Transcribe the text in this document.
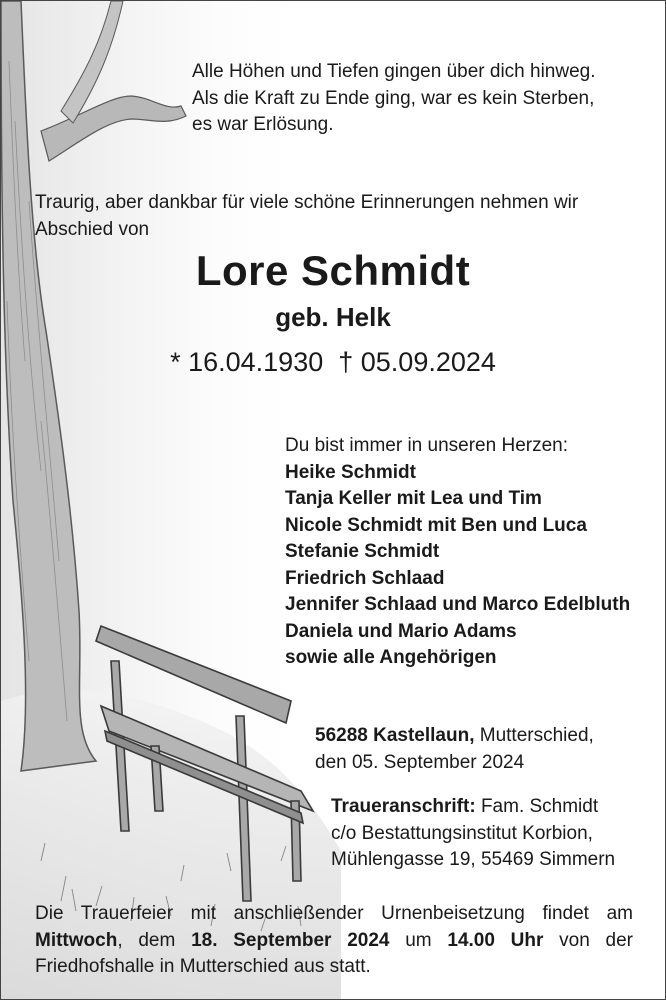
Alle Höhen und Tiefen gingen über dich hinweg.
Als die Kraft zu Ende ging, war es kein Sterben,
es war Erlösung.
Traurig, aber dankbar für viele schöne Erinnerungen nehmen wir
Abschied von
Lore Schmidt
geb. Helk
* 16.04.1930 † 05.09.2024
Du bist immer in unseren Herzen:
Heike Schmidt
Tanja Keller mit Lea und Tim
Nicole Schmidt mit Ben und Luca
Stefanie Schmidt
Friedrich Schlaad
Jennifer Schlaad und Marco Edelbluth
Daniela und Mario Adams
sowie alle Angehörigen
56288 Kastellaun, Mutterschied,
den 05. September 2024
Traueranschrift: Fam. Schmidt
c/o Bestattungsinstitut Korbion,
Mühlengasse 19, 55469 Simmern
Die Trauerfeier mit anschließender Urnenbeisetzung findet am
Mittwoch, dem 18. September 2024 um 14.00 Uhr von der
Friedhofshalle in Mutterschied aus statt.
